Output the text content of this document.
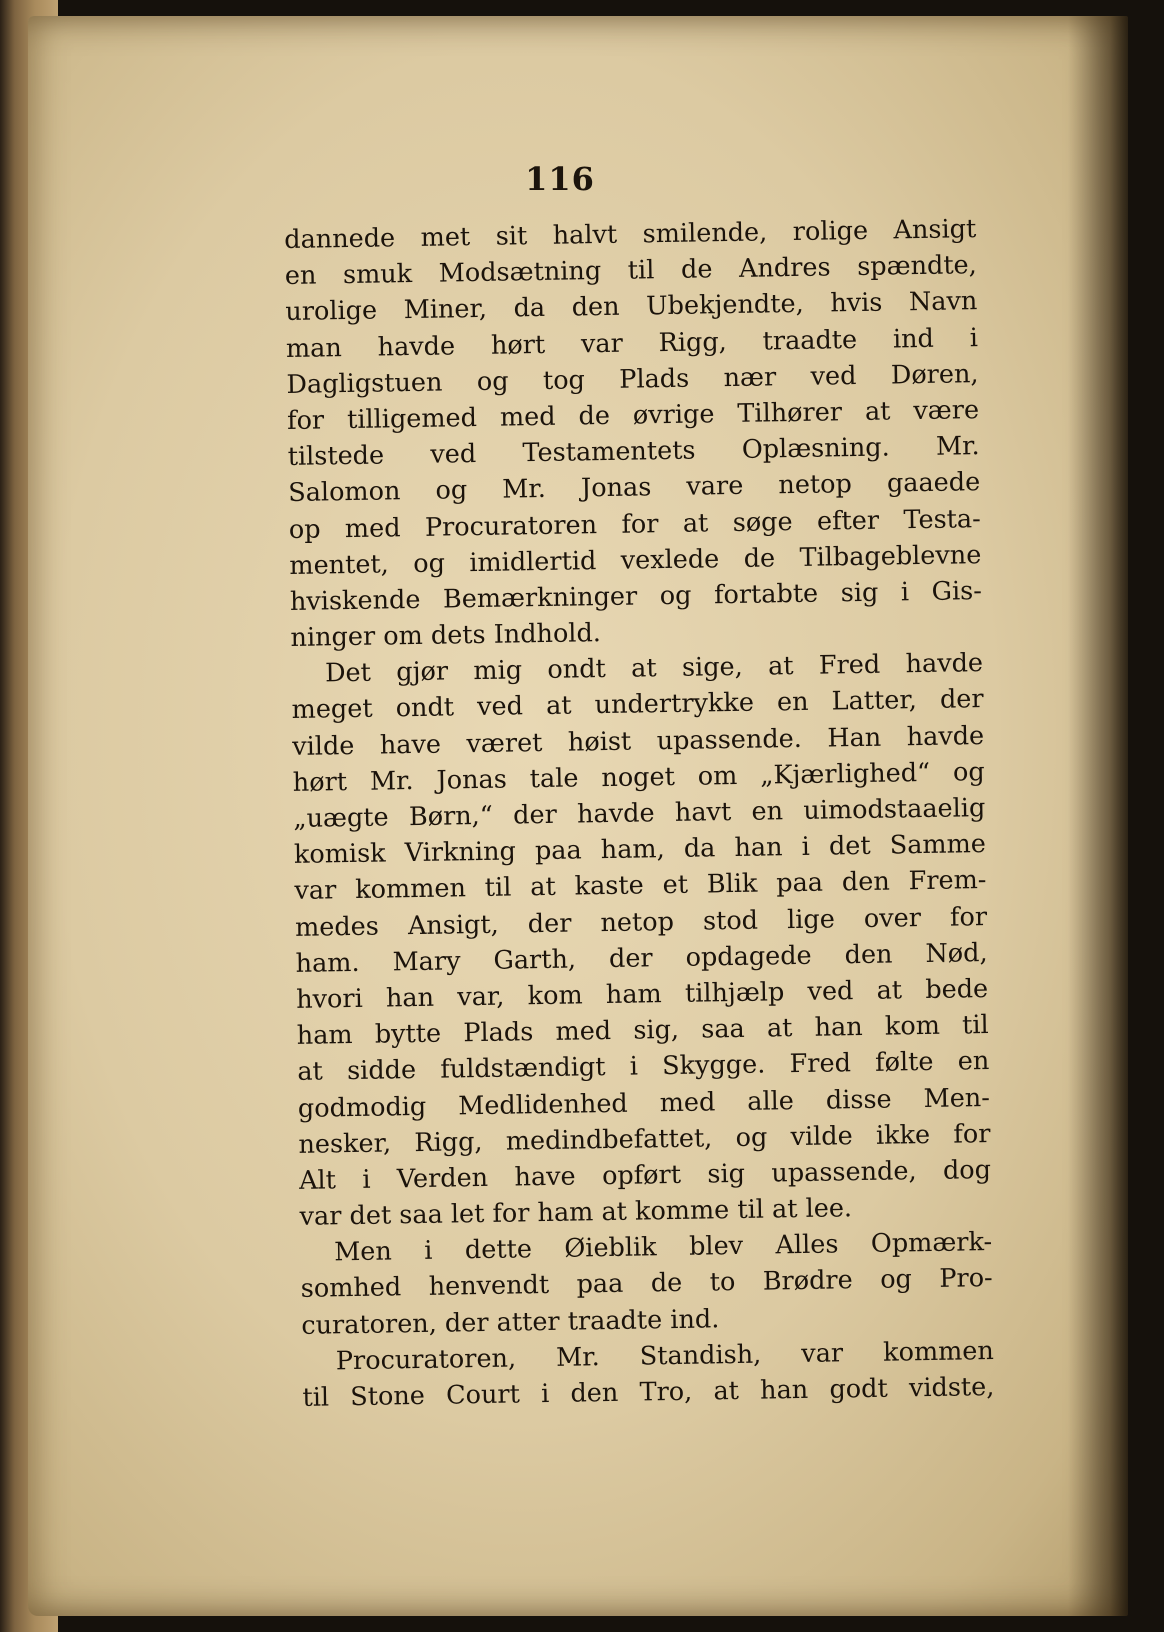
116
dannede met sit halvt smilende, rolige Ansigt
en smuk Modsætning til de Andres spændte,
urolige Miner, da den Ubekjendte, hvis Navn
man havde hørt var Rigg, traadte ind i
Dagligstuen og tog Plads nær ved Døren,
for tilligemed med de øvrige Tilhører at være
tilstede ved Testamentets Oplæsning. Mr.
Salomon og Mr. Jonas vare netop gaaede
op med Procuratoren for at søge efter Testa-
mentet, og imidlertid vexlede de Tilbageblevne
hviskende Bemærkninger og fortabte sig i Gis-
ninger om dets Indhold.
Det gjør mig ondt at sige, at Fred havde
meget ondt ved at undertrykke en Latter, der
vilde have været høist upassende. Han havde
hørt Mr. Jonas tale noget om „Kjærlighed“ og
„uægte Børn,“ der havde havt en uimodstaaelig
komisk Virkning paa ham, da han i det Samme
var kommen til at kaste et Blik paa den Frem-
medes Ansigt, der netop stod lige over for
ham. Mary Garth, der opdagede den Nød,
hvori han var, kom ham tilhjælp ved at bede
ham bytte Plads med sig, saa at han kom til
at sidde fuldstændigt i Skygge. Fred følte en
godmodig Medlidenhed med alle disse Men-
nesker, Rigg, medindbefattet, og vilde ikke for
Alt i Verden have opført sig upassende, dog
var det saa let for ham at komme til at lee.
Men i dette Øieblik blev Alles Opmærk-
somhed henvendt paa de to Brødre og Pro-
curatoren, der atter traadte ind.
Procuratoren, Mr. Standish, var kommen
til Stone Court i den Tro, at han godt vidste,
